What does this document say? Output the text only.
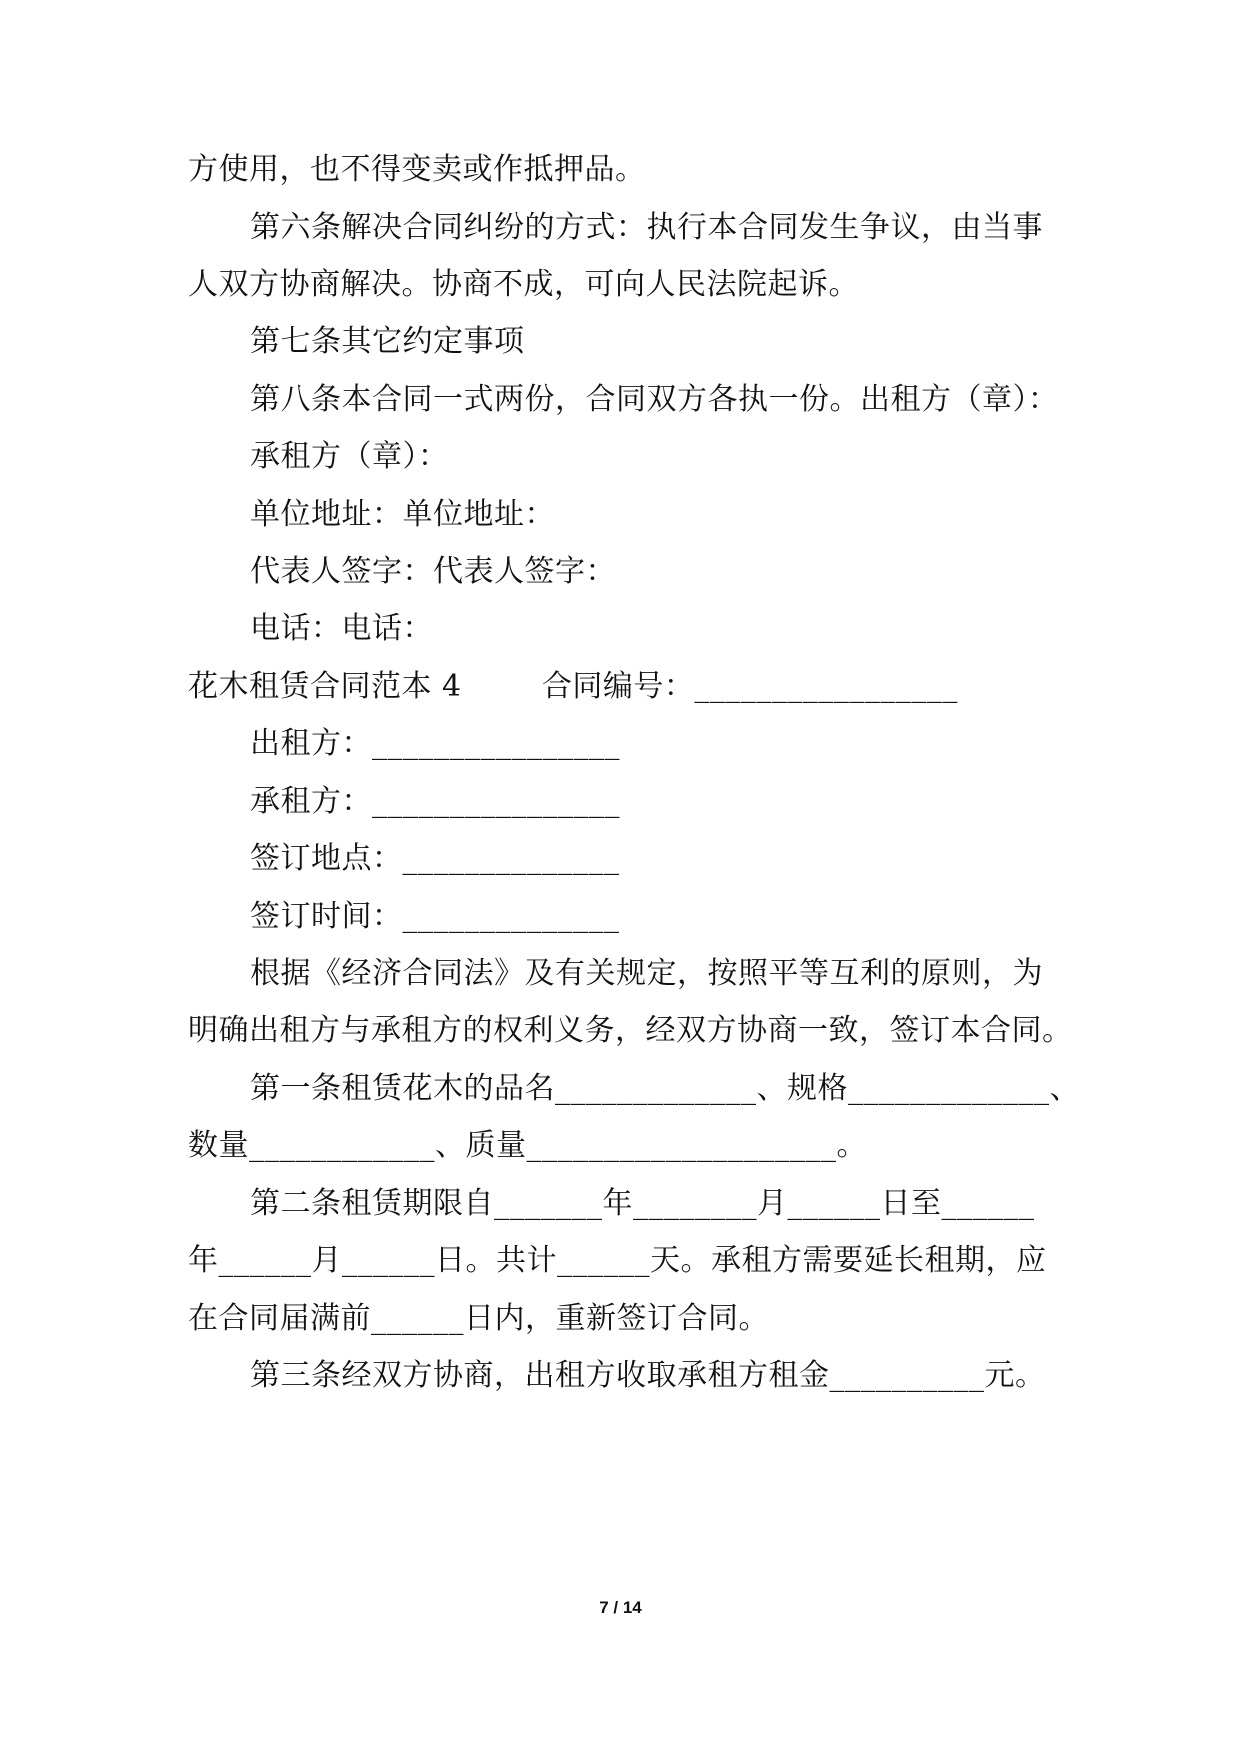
方使用，也不得变卖或作抵押品。
第六条解决合同纠纷的方式：执行本合同发生争议，由当事
人双方协商解决。协商不成，可向人民法院起诉。
第七条其它约定事项
第八条本合同一式两份，合同双方各执一份。出租方（章）：
承租方（章）：
单位地址：单位地址：
代表人签字：代表人签字：
电话：电话：
花木租赁合同范本 4        合同编号：_________________
出租方：________________
承租方：________________
签订地点：______________
签订时间：______________
根据《经济合同法》及有关规定，按照平等互利的原则，为
明确出租方与承租方的权利义务，经双方协商一致，签订本合同。
第一条租赁花木的品名_____________、规格_____________、
数量____________、质量____________________。
第二条租赁期限自_______年________月______日至______
年______月______日。共计______天。承租方需要延长租期，应
在合同届满前______日内，重新签订合同。
第三条经双方协商，出租方收取承租方租金__________元。
7 / 14
